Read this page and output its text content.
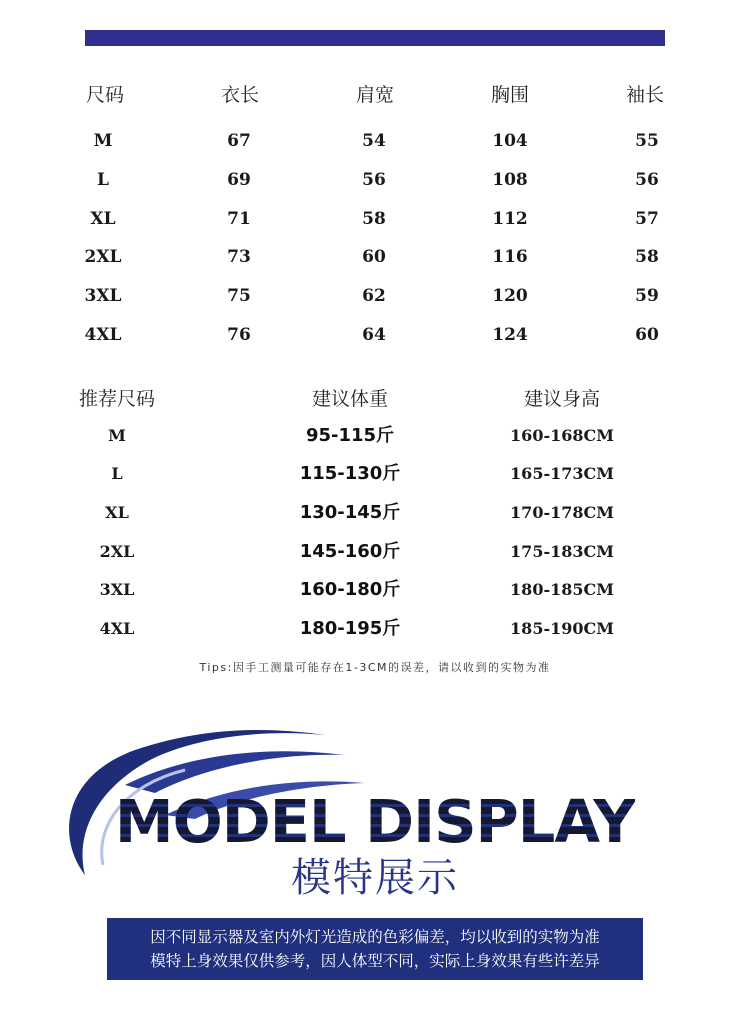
尺码	衣长	肩宽	胸围	袖长
M	67	54	104	55
L	69	56	108	56
XL	71	58	112	57
2XL	73	60	116	58
3XL	75	62	120	59
4XL	76	64	124	60
推荐尺码	建议体重	建议身高
M	95-115斤	160-168CM
L	115-130斤	165-173CM
XL	130-145斤	170-178CM
2XL	145-160斤	175-183CM
3XL	160-180斤	180-185CM
4XL	180-195斤	185-190CM
Tips:因手工测量可能存在1-3CM的误差，请以收到的实物为准
MODEL DISPLAY
模特展示
因不同显示器及室内外灯光造成的色彩偏差，均以收到的实物为准
模特上身效果仅供参考，因人体型不同，实际上身效果有些许差异
